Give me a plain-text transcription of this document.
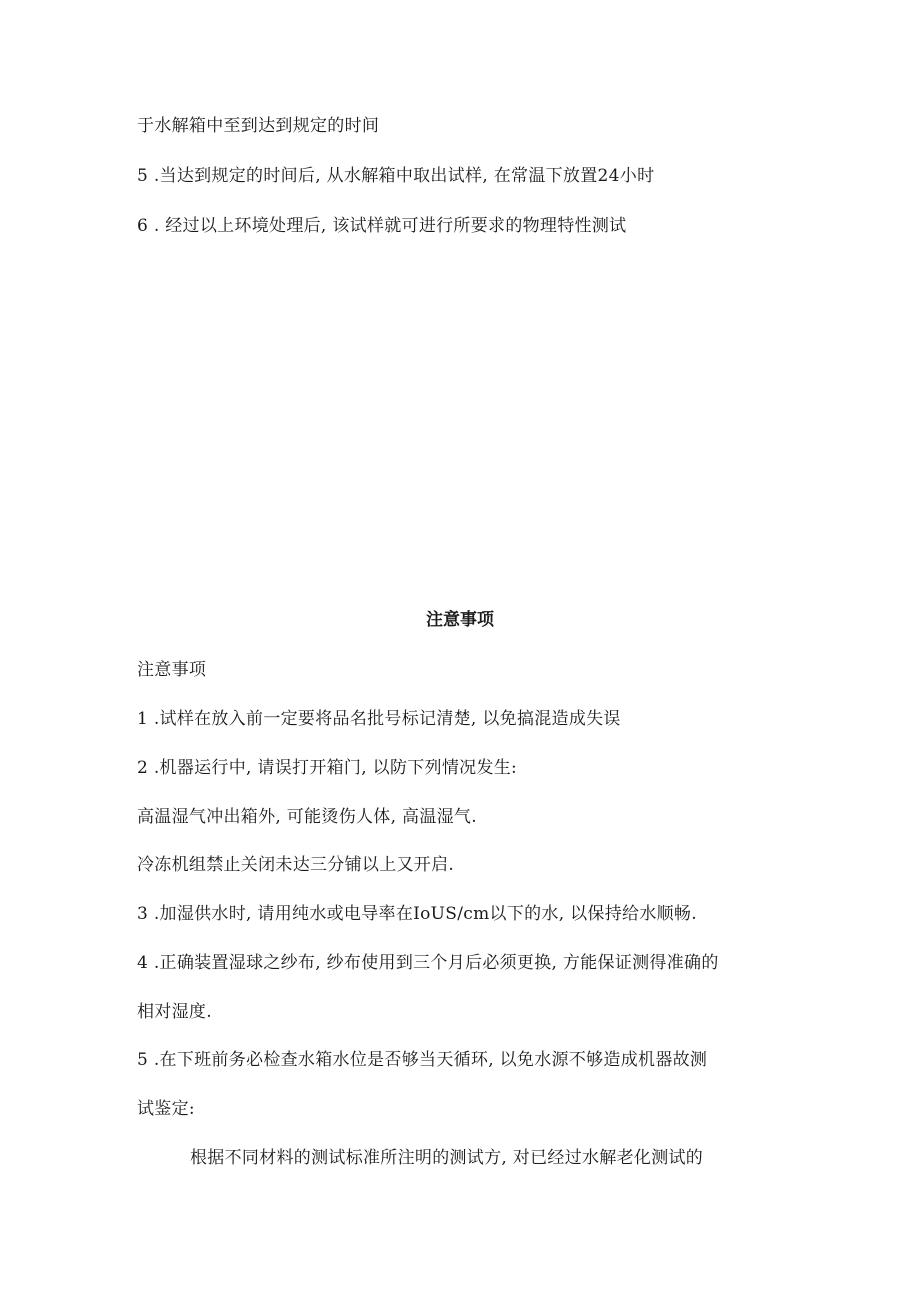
于水解箱中至到达到规定的时间
5 .当达到规定的时间后, 从水解箱中取出试样, 在常温下放置24小时
6 . 经过以上环境处理后, 该试样就可进行所要求的物理特性测试
注意事项
注意事项
1 .试样在放入前一定要将品名批号标记清楚, 以免搞混造成失误
2 .机器运行中, 请误打开箱门, 以防下列情况发生:
高温湿气冲出箱外, 可能烫伤人体, 高温湿气.
冷冻机组禁止关闭未达三分铺以上又开启.
3 .加湿供水时, 请用纯水或电导率在IoUS/cm以下的水, 以保持给水顺畅.
4 .正确装置湿球之纱布, 纱布使用到三个月后必须更换, 方能保证测得准确的
相对湿度.
5 .在下班前务必检查水箱水位是否够当天循环, 以免水源不够造成机器故测
试鉴定:
根据不同材料的测试标准所注明的测试方, 对已经过水解老化测试的
